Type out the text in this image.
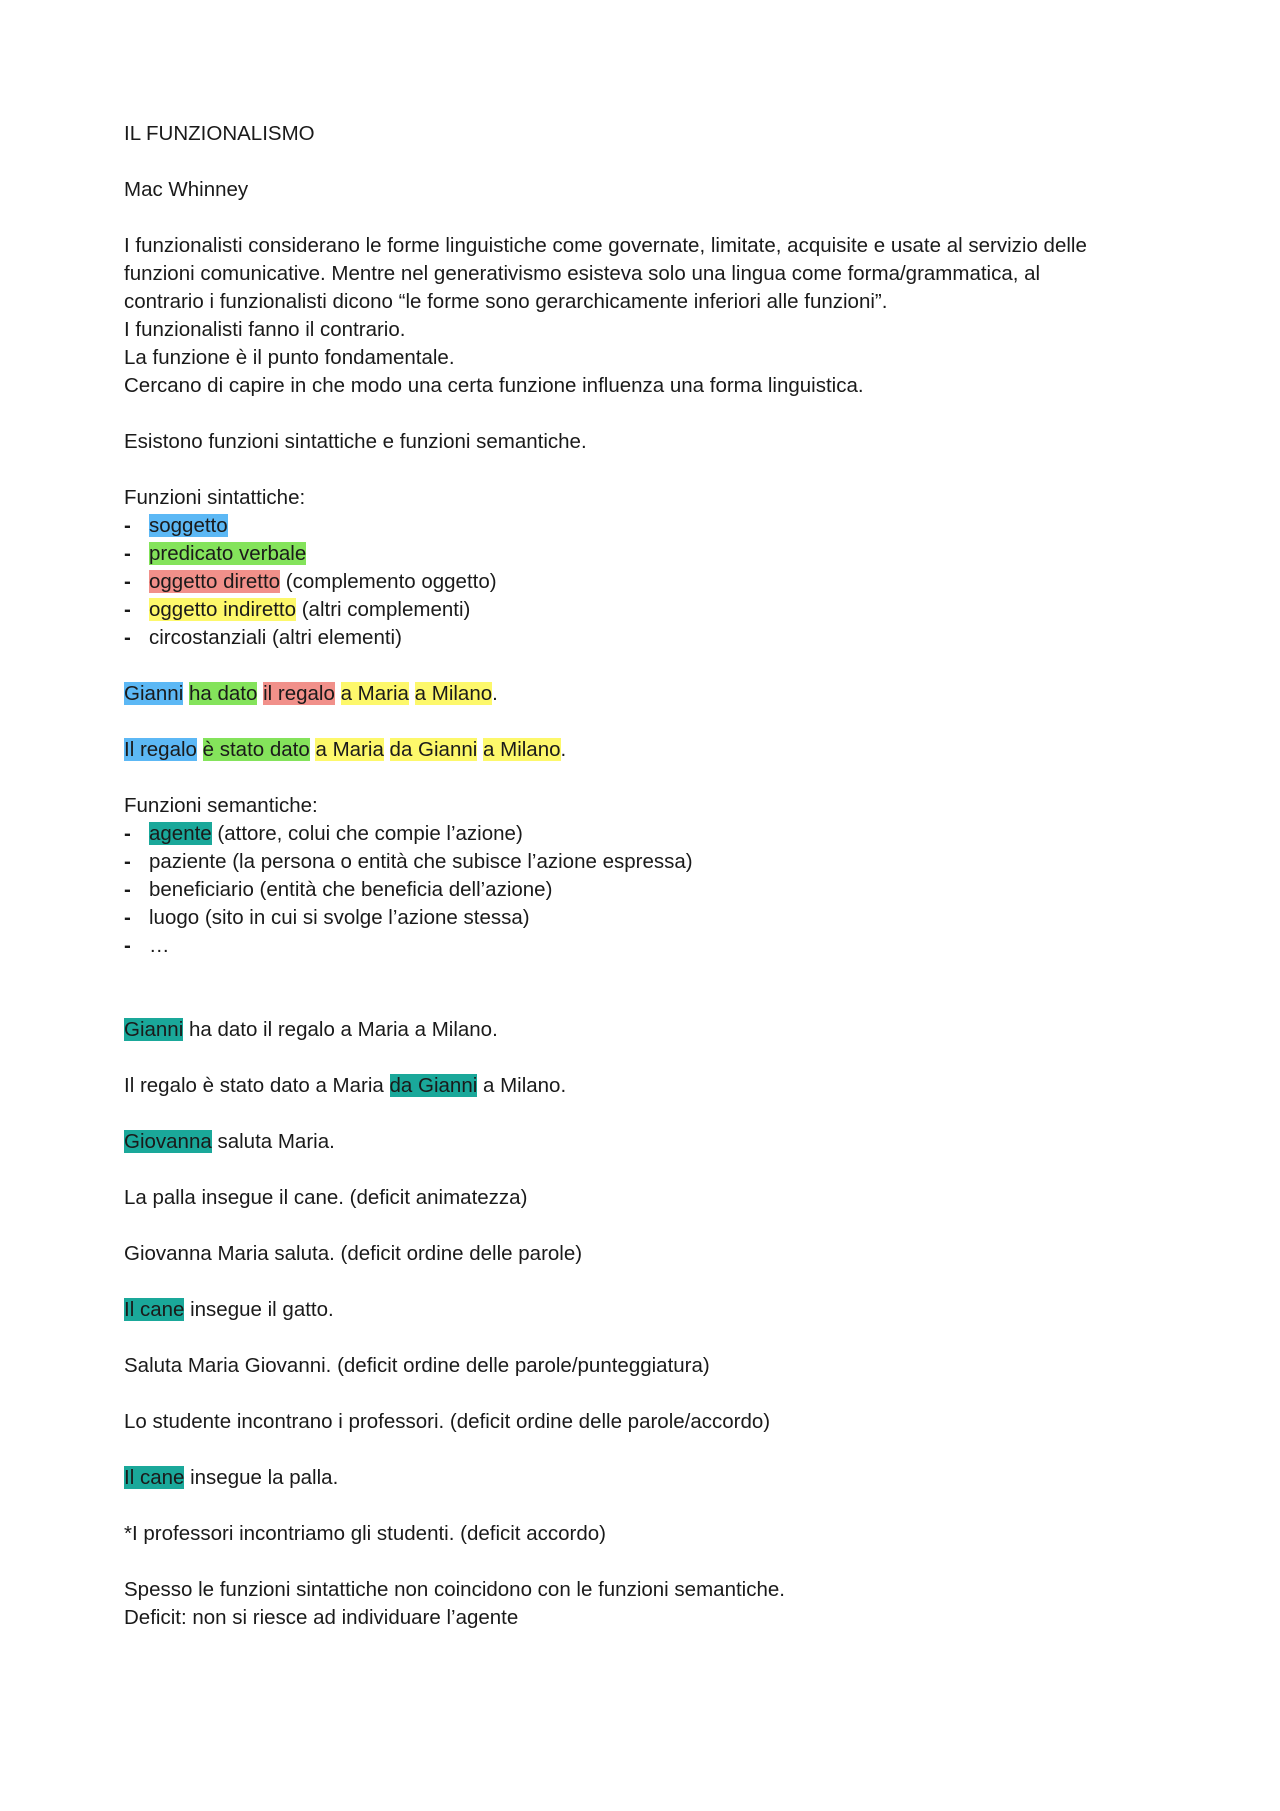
IL FUNZIONALISMO
Mac Whinney
I funzionalisti considerano le forme linguistiche come governate, limitate, acquisite e usate al servizio delle
funzioni comunicative. Mentre nel generativismo esisteva solo una lingua come forma/grammatica, al
contrario i funzionalisti dicono “le forme sono gerarchicamente inferiori alle funzioni”.
I funzionalisti fanno il contrario.
La funzione è il punto fondamentale.
Cercano di capire in che modo una certa funzione influenza una forma linguistica.
Esistono funzioni sintattiche e funzioni semantiche.
Funzioni sintattiche:
- soggetto
- predicato verbale
- oggetto diretto (complemento oggetto)
- oggetto indiretto (altri complementi)
- circostanziali (altri elementi)
Gianni ha dato il regalo a Maria a Milano.
Il regalo è stato dato a Maria da Gianni a Milano.
Funzioni semantiche:
- agente (attore, colui che compie l’azione)
- paziente (la persona o entità che subisce l’azione espressa)
- beneficiario (entità che beneficia dell’azione)
- luogo (sito in cui si svolge l’azione stessa)
- …
Gianni ha dato il regalo a Maria a Milano.
Il regalo è stato dato a Maria da Gianni a Milano.
Giovanna saluta Maria.
La palla insegue il cane. (deficit animatezza)
Giovanna Maria saluta. (deficit ordine delle parole)
Il cane insegue il gatto.
Saluta Maria Giovanni. (deficit ordine delle parole/punteggiatura)
Lo studente incontrano i professori. (deficit ordine delle parole/accordo)
Il cane insegue la palla.
*I professori incontriamo gli studenti. (deficit accordo)
Spesso le funzioni sintattiche non coincidono con le funzioni semantiche.
Deficit: non si riesce ad individuare l’agente
